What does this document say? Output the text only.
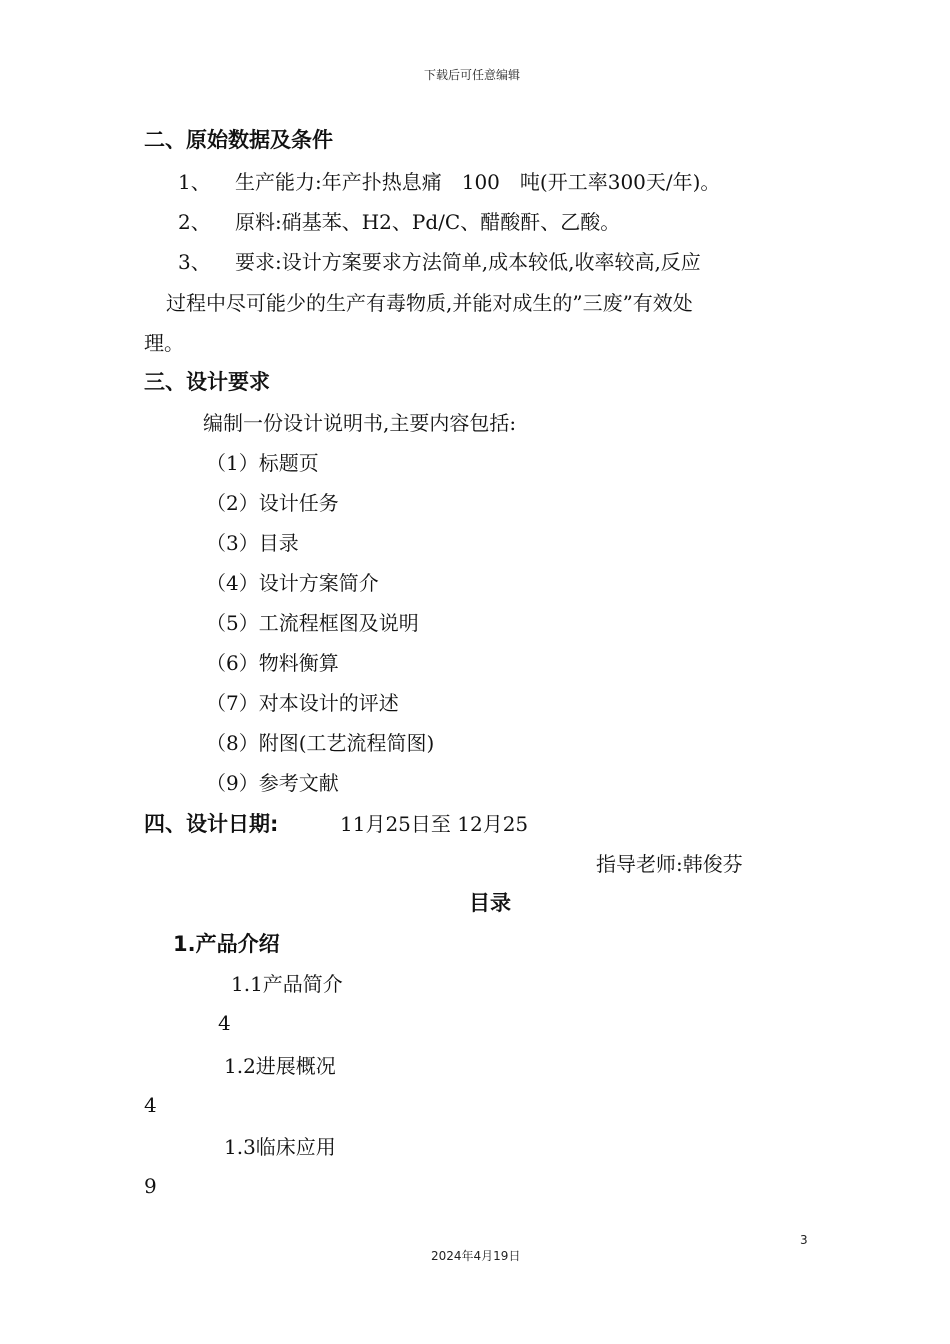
下载后可任意编辑
二、原始数据及条件
1、 生产能力:年产扑热息痛　100　吨(开工率300天/年)。
2、 原料:硝基苯、H2、Pd/C、醋酸酐、乙酸。
3、 要求:设计方案要求方法简单,成本较低,收率较高,反应
过程中尽可能少的生产有毒物质,并能对成生的”三废”有效处
理。
三、设计要求
编制一份设计说明书,主要内容包括:
（1）标题页
（2）设计任务
（3）目录
（4）设计方案简介
（5）工流程框图及说明
（6）物料衡算
（7）对本设计的评述
（8）附图(工艺流程简图)
（9）参考文献
四、设计日期:	11月25日至 12月25
指导老师:韩俊芬
目录
1.产品介绍
1.1产品简介
4
1.2进展概况
4
1.3临床应用
9
3
2024年4月19日
